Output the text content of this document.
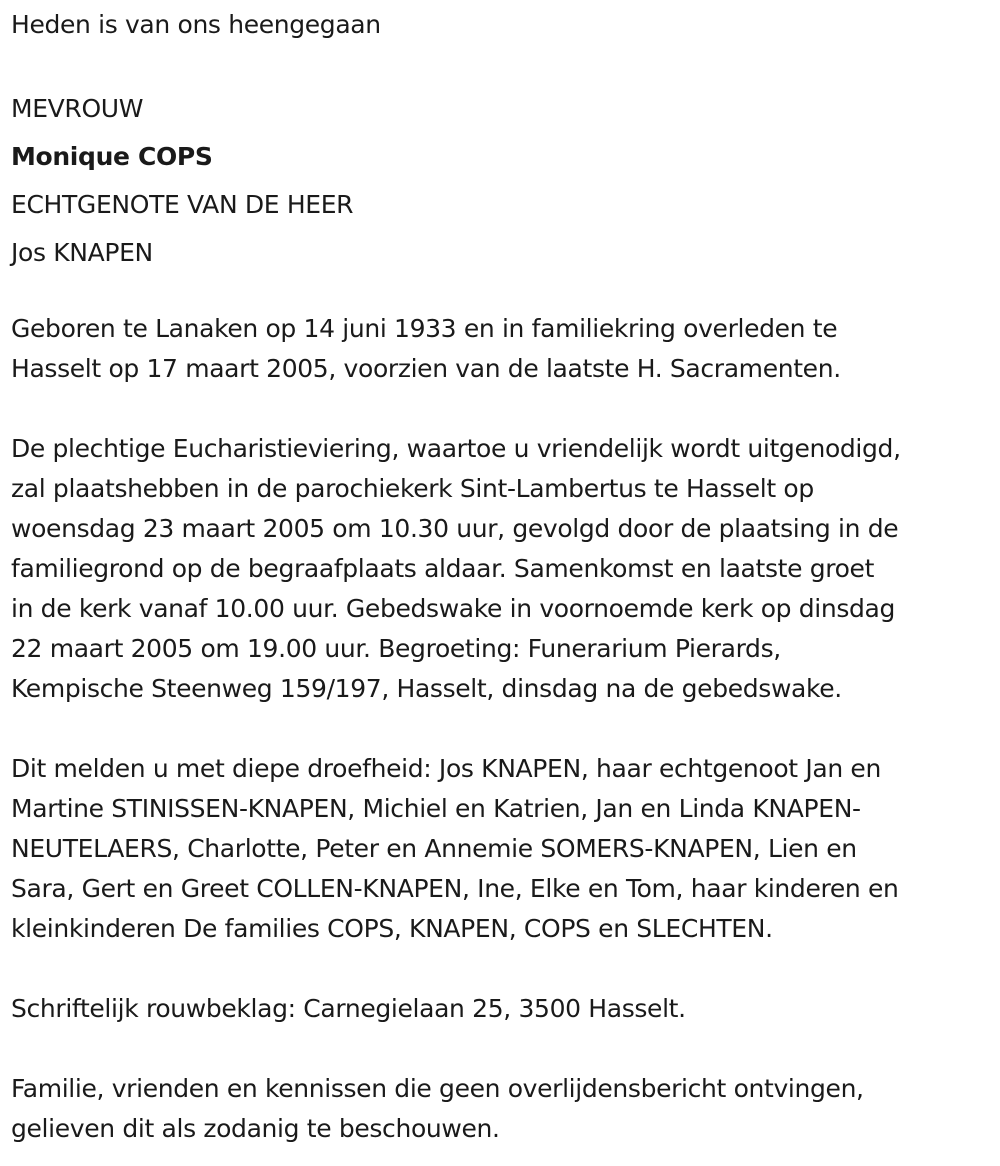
Heden is van ons heengegaan

MEVROUW

Monique COPS

ECHTGENOTE VAN DE HEER

Jos KNAPEN

Geboren te Lanaken op 14 juni 1933 en in familiekring overleden te

Hasselt op 17 maart 2005, voorzien van de laatste H. Sacramenten.

De plechtige Eucharistieviering, waartoe u vriendelijk wordt uitgenodigd,

zal plaatshebben in de parochiekerk Sint-Lambertus te Hasselt op

woensdag 23 maart 2005 om 10.30 uur, gevolgd door de plaatsing in de

familiegrond op de begraafplaats aldaar. Samenkomst en laatste groet

in de kerk vanaf 10.00 uur. Gebedswake in voornoemde kerk op dinsdag

22 maart 2005 om 19.00 uur. Begroeting: Funerarium Pierards,

Kempische Steenweg 159/197, Hasselt, dinsdag na de gebedswake.

Dit melden u met diepe droefheid: Jos KNAPEN, haar echtgenoot Jan en

Martine STINISSEN-KNAPEN, Michiel en Katrien, Jan en Linda KNAPEN-

NEUTELAERS, Charlotte, Peter en Annemie SOMERS-KNAPEN, Lien en

Sara, Gert en Greet COLLEN-KNAPEN, Ine, Elke en Tom, haar kinderen en

kleinkinderen De families COPS, KNAPEN, COPS en SLECHTEN.

Schriftelijk rouwbeklag: Carnegielaan 25, 3500 Hasselt.

Familie, vrienden en kennissen die geen overlijdensbericht ontvingen,

gelieven dit als zodanig te beschouwen.
